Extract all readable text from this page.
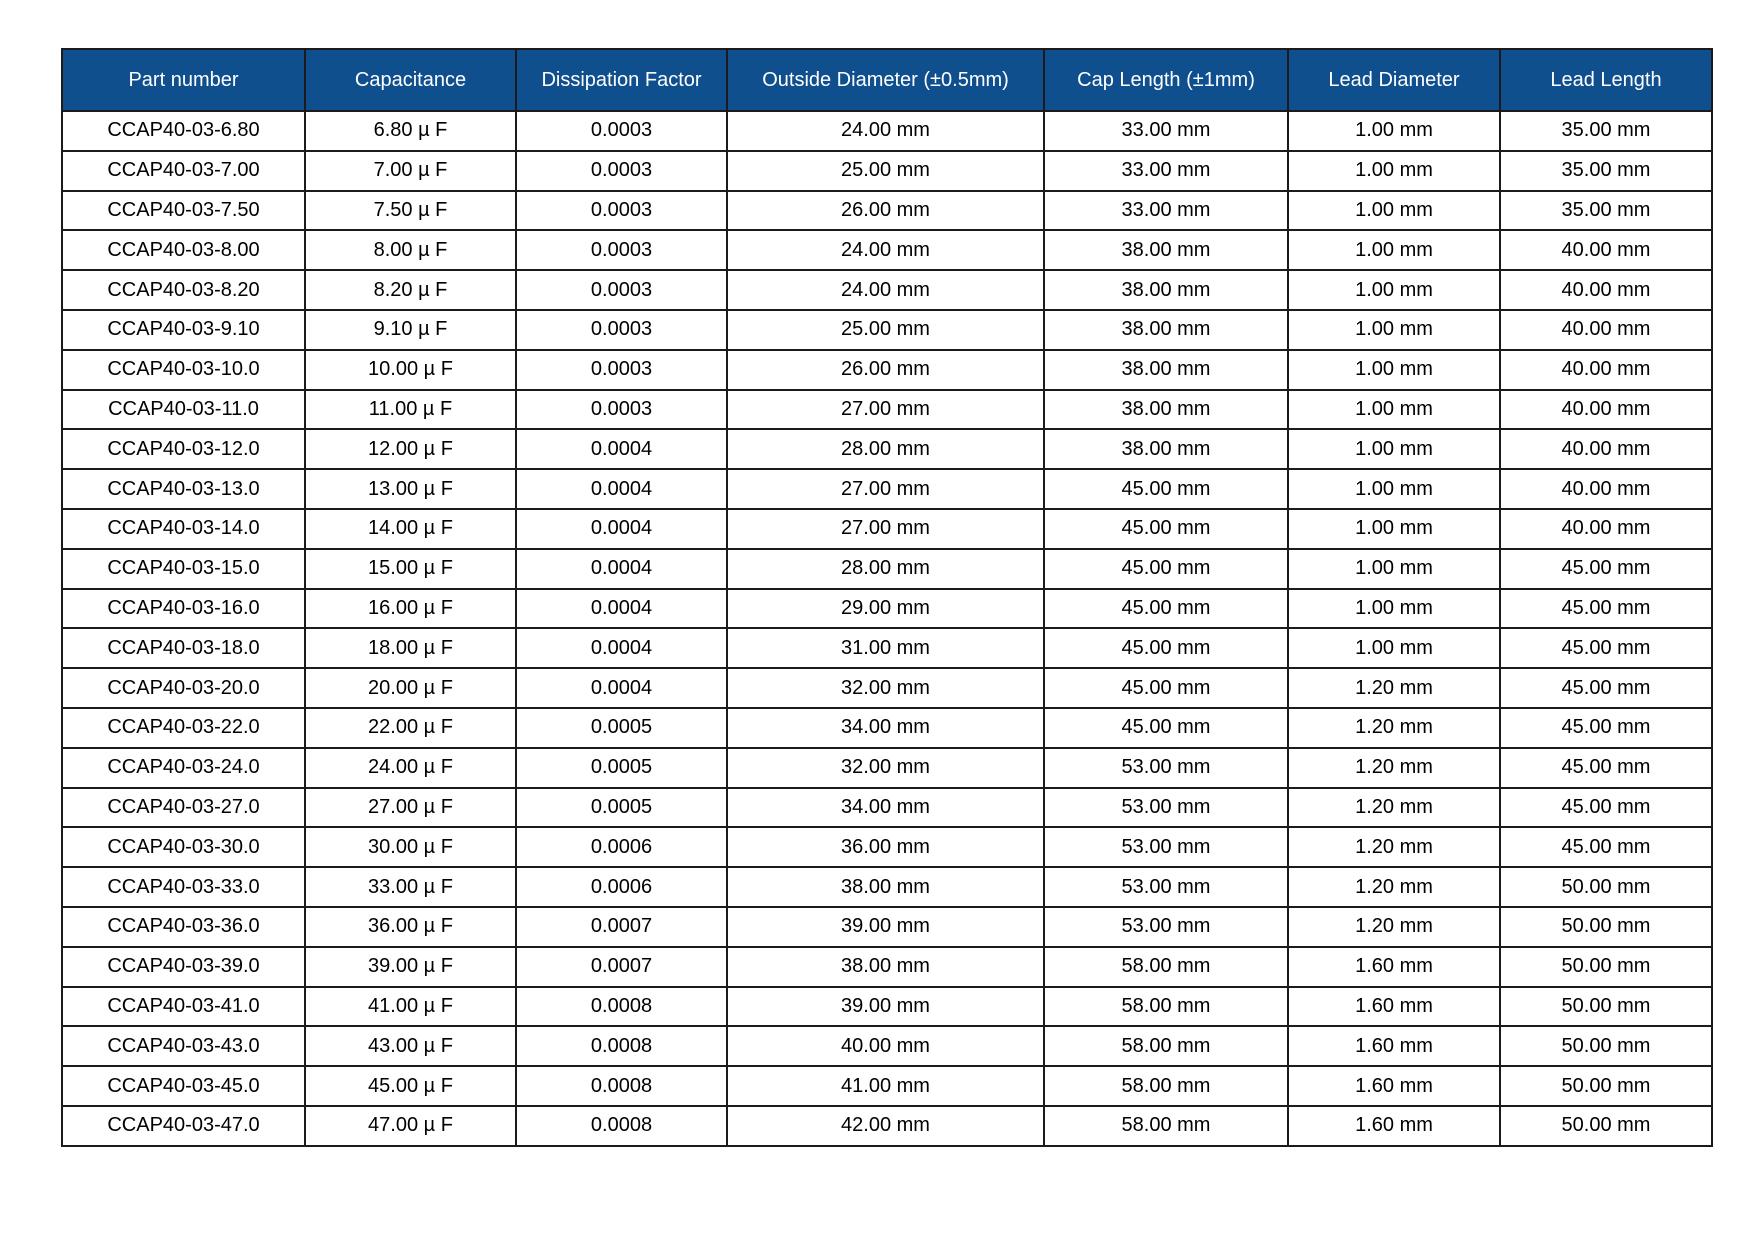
Part number	Capacitance	Dissipation Factor	Outside Diameter (±0.5mm)	Cap Length (±1mm)	Lead Diameter	Lead Length
CCAP40-03-6.80	6.80 µ F	0.0003	24.00 mm	33.00 mm	1.00 mm	35.00 mm
CCAP40-03-7.00	7.00 µ F	0.0003	25.00 mm	33.00 mm	1.00 mm	35.00 mm
CCAP40-03-7.50	7.50 µ F	0.0003	26.00 mm	33.00 mm	1.00 mm	35.00 mm
CCAP40-03-8.00	8.00 µ F	0.0003	24.00 mm	38.00 mm	1.00 mm	40.00 mm
CCAP40-03-8.20	8.20 µ F	0.0003	24.00 mm	38.00 mm	1.00 mm	40.00 mm
CCAP40-03-9.10	9.10 µ F	0.0003	25.00 mm	38.00 mm	1.00 mm	40.00 mm
CCAP40-03-10.0	10.00 µ F	0.0003	26.00 mm	38.00 mm	1.00 mm	40.00 mm
CCAP40-03-11.0	11.00 µ F	0.0003	27.00 mm	38.00 mm	1.00 mm	40.00 mm
CCAP40-03-12.0	12.00 µ F	0.0004	28.00 mm	38.00 mm	1.00 mm	40.00 mm
CCAP40-03-13.0	13.00 µ F	0.0004	27.00 mm	45.00 mm	1.00 mm	40.00 mm
CCAP40-03-14.0	14.00 µ F	0.0004	27.00 mm	45.00 mm	1.00 mm	40.00 mm
CCAP40-03-15.0	15.00 µ F	0.0004	28.00 mm	45.00 mm	1.00 mm	45.00 mm
CCAP40-03-16.0	16.00 µ F	0.0004	29.00 mm	45.00 mm	1.00 mm	45.00 mm
CCAP40-03-18.0	18.00 µ F	0.0004	31.00 mm	45.00 mm	1.00 mm	45.00 mm
CCAP40-03-20.0	20.00 µ F	0.0004	32.00 mm	45.00 mm	1.20 mm	45.00 mm
CCAP40-03-22.0	22.00 µ F	0.0005	34.00 mm	45.00 mm	1.20 mm	45.00 mm
CCAP40-03-24.0	24.00 µ F	0.0005	32.00 mm	53.00 mm	1.20 mm	45.00 mm
CCAP40-03-27.0	27.00 µ F	0.0005	34.00 mm	53.00 mm	1.20 mm	45.00 mm
CCAP40-03-30.0	30.00 µ F	0.0006	36.00 mm	53.00 mm	1.20 mm	45.00 mm
CCAP40-03-33.0	33.00 µ F	0.0006	38.00 mm	53.00 mm	1.20 mm	50.00 mm
CCAP40-03-36.0	36.00 µ F	0.0007	39.00 mm	53.00 mm	1.20 mm	50.00 mm
CCAP40-03-39.0	39.00 µ F	0.0007	38.00 mm	58.00 mm	1.60 mm	50.00 mm
CCAP40-03-41.0	41.00 µ F	0.0008	39.00 mm	58.00 mm	1.60 mm	50.00 mm
CCAP40-03-43.0	43.00 µ F	0.0008	40.00 mm	58.00 mm	1.60 mm	50.00 mm
CCAP40-03-45.0	45.00 µ F	0.0008	41.00 mm	58.00 mm	1.60 mm	50.00 mm
CCAP40-03-47.0	47.00 µ F	0.0008	42.00 mm	58.00 mm	1.60 mm	50.00 mm
